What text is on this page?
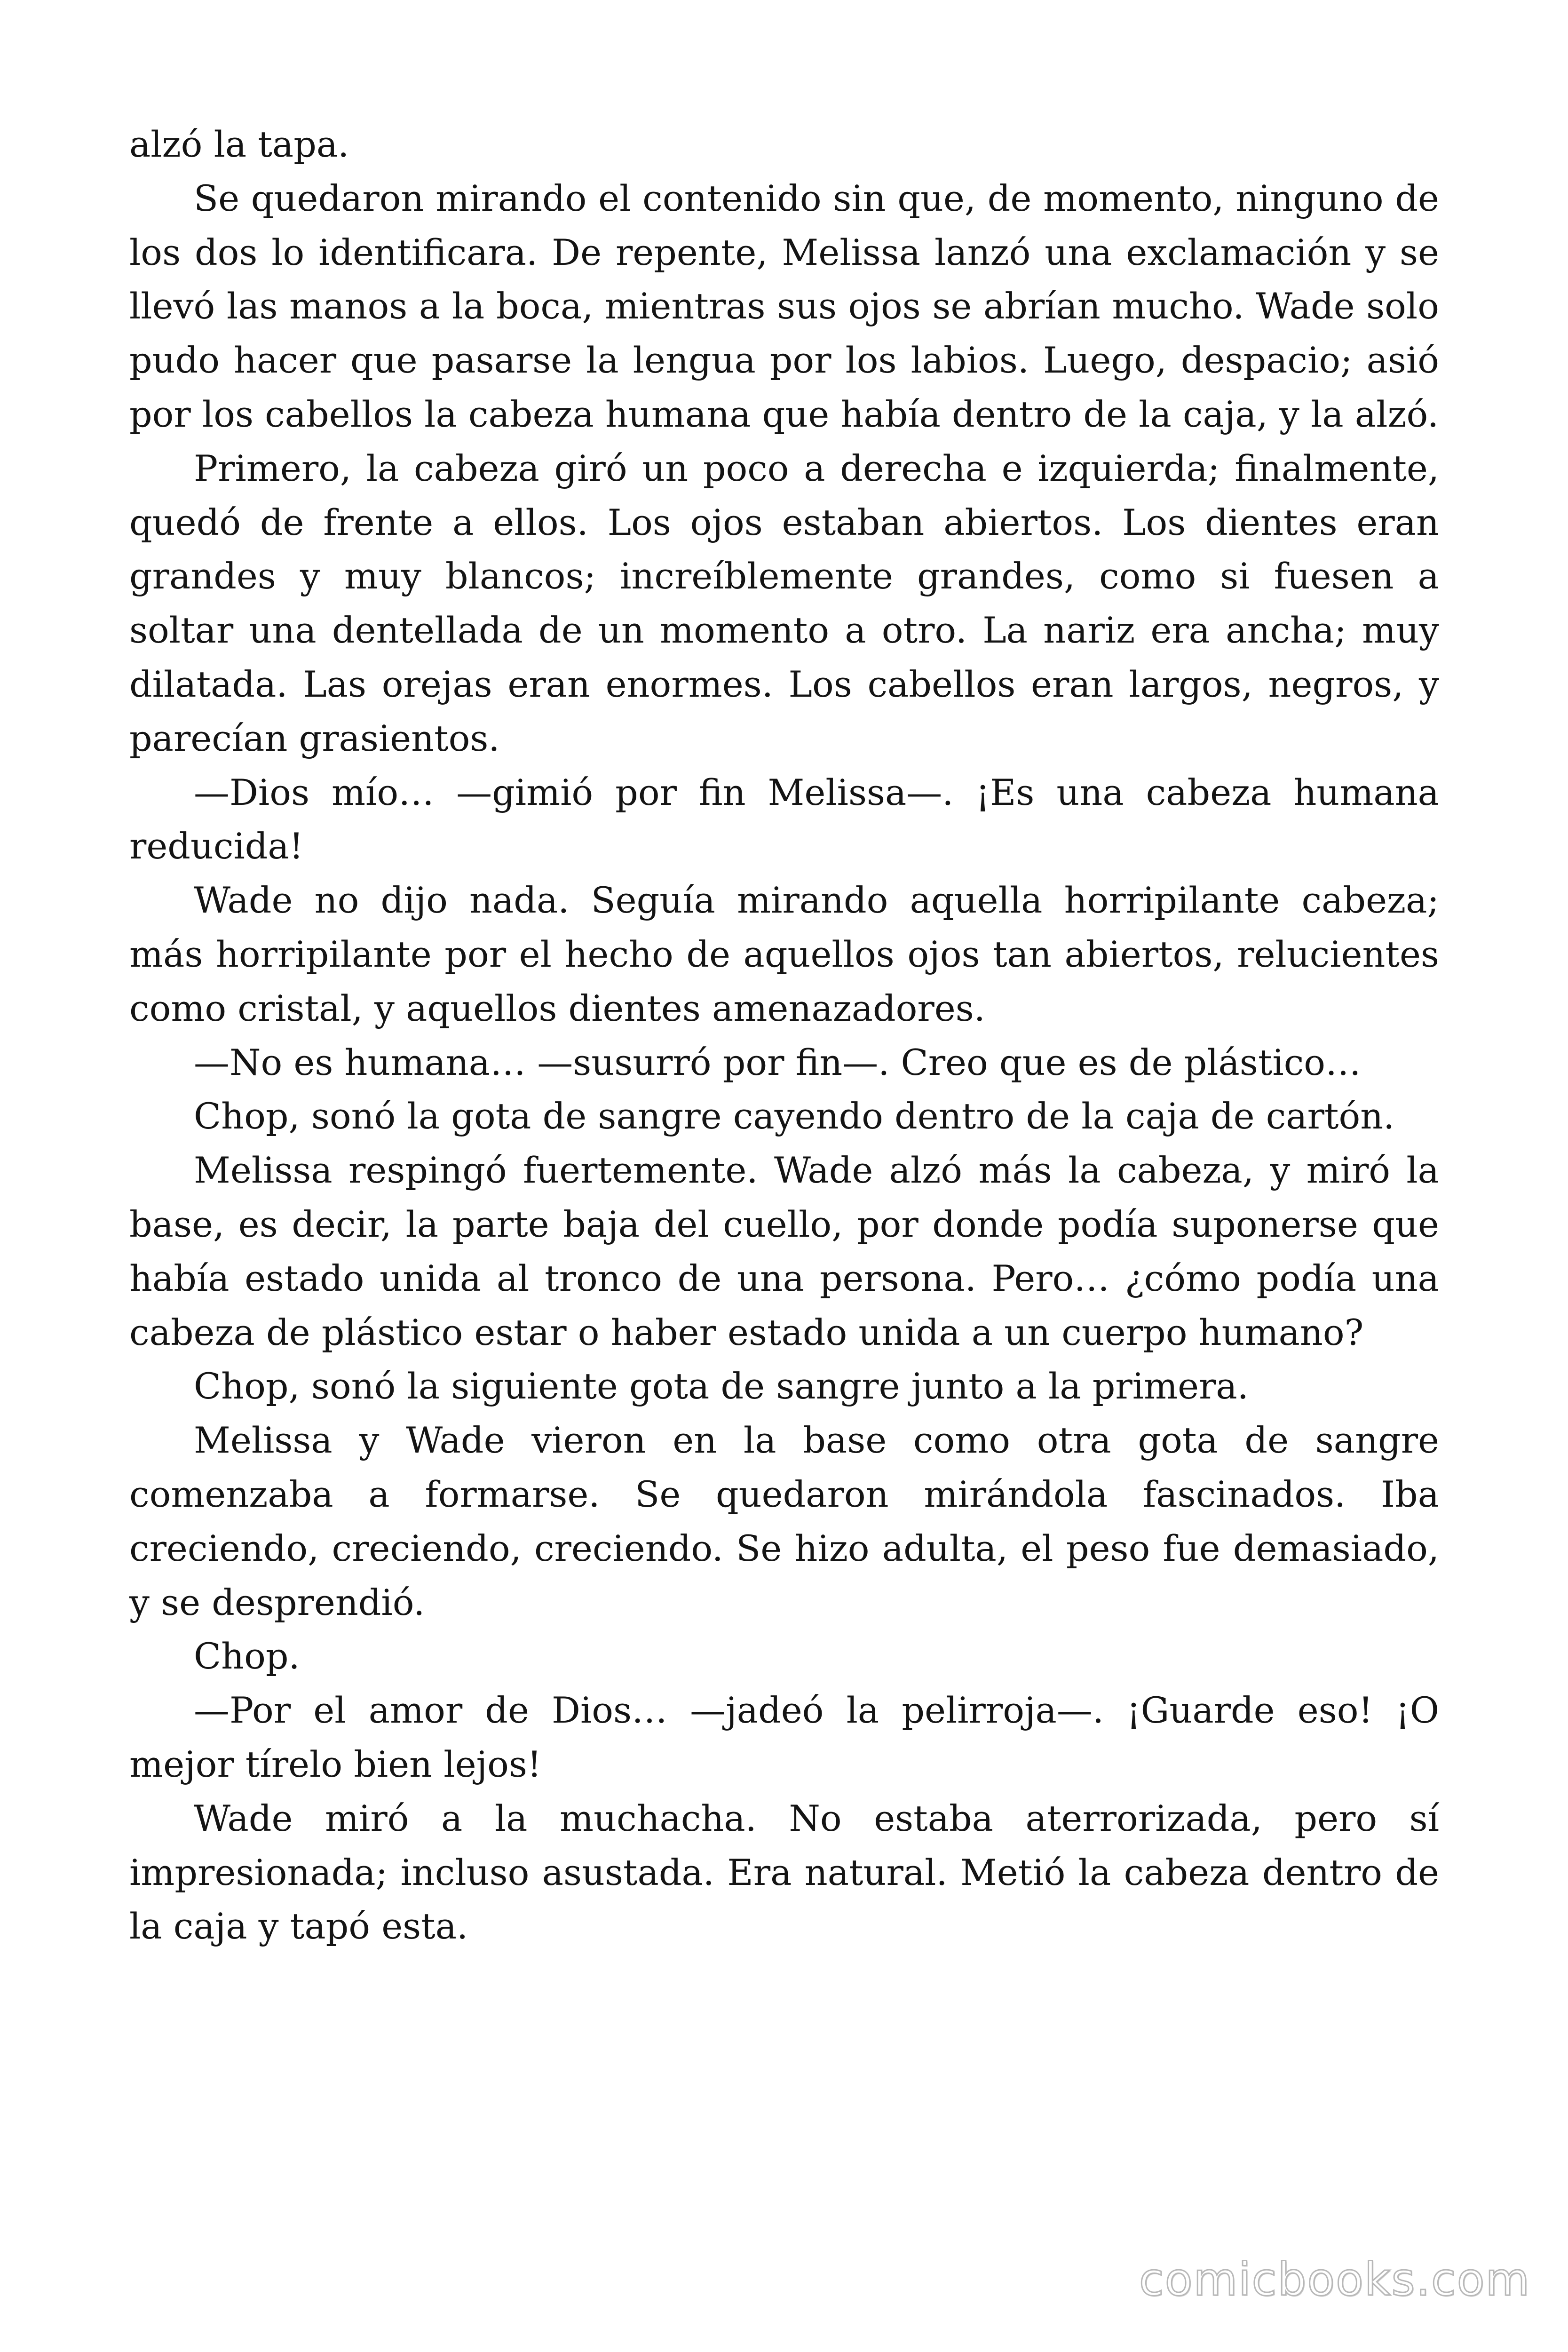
alzó la tapa.

Se quedaron mirando el contenido sin que, de momento, ninguno de los dos lo identificara. De repente, Melissa lanzó una exclamación y se llevó las manos a la boca, mientras sus ojos se abrían mucho. Wade solo pudo hacer que pasarse la lengua por los labios. Luego, despacio; asió por los cabellos la cabeza humana que había dentro de la caja, y la alzó.

Primero, la cabeza giró un poco a derecha e izquierda; finalmente, quedó de frente a ellos. Los ojos estaban abiertos. Los dientes eran grandes y muy blancos; increíblemente grandes, como si fuesen a soltar una dentellada de un momento a otro. La nariz era ancha; muy dilatada. Las orejas eran enormes. Los cabellos eran largos, negros, y parecían grasientos.

—Dios mío… —gimió por fin Melissa—. ¡Es una cabeza humana reducida!

Wade no dijo nada. Seguía mirando aquella horripilante cabeza; más horripilante por el hecho de aquellos ojos tan abiertos, relucientes como cristal, y aquellos dientes amenazadores.

—No es humana… —susurró por fin—. Creo que es de plástico…

Chop, sonó la gota de sangre cayendo dentro de la caja de cartón.

Melissa respingó fuertemente. Wade alzó más la cabeza, y miró la base, es decir, la parte baja del cuello, por donde podía suponerse que había estado unida al tronco de una persona. Pero… ¿cómo podía una cabeza de plástico estar o haber estado unida a un cuerpo humano?

Chop, sonó la siguiente gota de sangre junto a la primera.

Melissa y Wade vieron en la base como otra gota de sangre comenzaba a formarse. Se quedaron mirándola fascinados. Iba creciendo, creciendo, creciendo. Se hizo adulta, el peso fue demasiado, y se desprendió.

Chop.

—Por el amor de Dios… —jadeó la pelirroja—. ¡Guarde eso! ¡O mejor tírelo bien lejos!

Wade miró a la muchacha. No estaba aterrorizada, pero sí impresionada; incluso asustada. Era natural. Metió la cabeza dentro de la caja y tapó esta.

comicbooks.com
